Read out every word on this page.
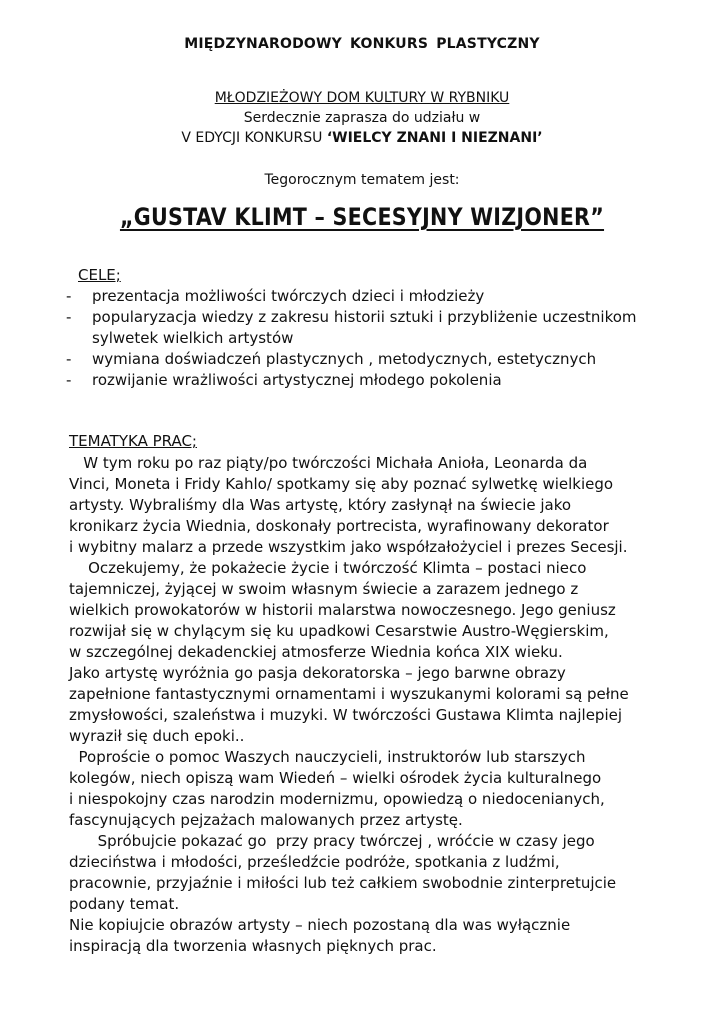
MIĘDZYNARODOWY KONKURS PLASTYCZNY
MŁODZIEŻOWY DOM KULTURY W RYBNIKU
Serdecznie zaprasza do udziału w
V EDYCJI KONKURSU ‘WIELCY ZNANI I NIEZNANI’
Tegorocznym tematem jest:
„GUSTAV KLIMT – SECESYJNY WIZJONER”
CELE;
- prezentacja możliwości twórczych dzieci i młodzieży
- popularyzacja wiedzy z zakresu historii sztuki i przybliżenie uczestnikom
sylwetek wielkich artystów
- wymiana doświadczeń plastycznych , metodycznych, estetycznych
- rozwijanie wrażliwości artystycznej młodego pokolenia
TEMATYKA PRAC;
W tym roku po raz piąty/po twórczości Michała Anioła, Leonarda da
Vinci, Moneta i Fridy Kahlo/ spotkamy się aby poznać sylwetkę wielkiego
artysty. Wybraliśmy dla Was artystę, który zasłynął na świecie jako
kronikarz życia Wiednia, doskonały portrecista, wyrafinowany dekorator
i wybitny malarz a przede wszystkim jako współzałożyciel i prezes Secesji.
Oczekujemy, że pokażecie życie i twórczość Klimta – postaci nieco
tajemniczej, żyjącej w swoim własnym świecie a zarazem jednego z
wielkich prowokatorów w historii malarstwa nowoczesnego. Jego geniusz
rozwijał się w chylącym się ku upadkowi Cesarstwie Austro-Węgierskim,
w szczególnej dekadenckiej atmosferze Wiednia końca XIX wieku.
Jako artystę wyróżnia go pasja dekoratorska – jego barwne obrazy
zapełnione fantastycznymi ornamentami i wyszukanymi kolorami są pełne
zmysłowości, szaleństwa i muzyki. W twórczości Gustawa Klimta najlepiej
wyraził się duch epoki..
Poproście o pomoc Waszych nauczycieli, instruktorów lub starszych
kolegów, niech opiszą wam Wiedeń – wielki ośrodek życia kulturalnego
i niespokojny czas narodzin modernizmu, opowiedzą o niedocenianych,
fascynujących pejzażach malowanych przez artystę.
Spróbujcie pokazać go  przy pracy twórczej , wróćcie w czasy jego
dzieciństwa i młodości, prześledźcie podróże, spotkania z ludźmi,
pracownie, przyjaźnie i miłości lub też całkiem swobodnie zinterpretujcie
podany temat.
Nie kopiujcie obrazów artysty – niech pozostaną dla was wyłącznie
inspiracją dla tworzenia własnych pięknych prac.
